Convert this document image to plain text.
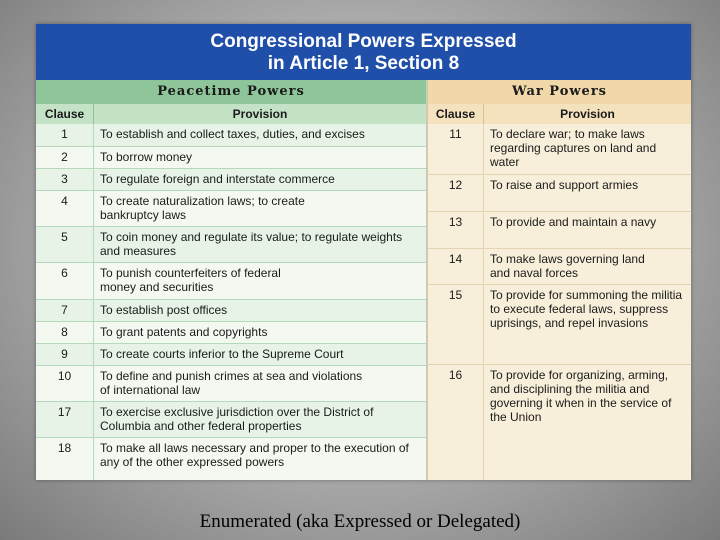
Congressional Powers Expressed
in Article 1, Section 8
Peacetime Powers	War Powers
Clause	Provision	Clause	Provision
1	To establish and collect taxes, duties, and excises
2	To borrow money
3	To regulate foreign and interstate commerce
4	To create naturalization laws; to create bankruptcy laws
5	To coin money and regulate its value; to regulate weights and measures
6	To punish counterfeiters of federal money and securities
7	To establish post offices
8	To grant patents and copyrights
9	To create courts inferior to the Supreme Court
10	To define and punish crimes at sea and violations of international law
17	To exercise exclusive jurisdiction over the District of Columbia and other federal properties
18	To make all laws necessary and proper to the execution of any of the other expressed powers
11	To declare war; to make laws regarding captures on land and water
12	To raise and support armies
13	To provide and maintain a navy
14	To make laws governing land and naval forces
15	To provide for summoning the militia to execute federal laws, suppress uprisings, and repel invasions
16	To provide for organizing, arming, and disciplining the militia and governing it when in the service of the Union
Enumerated (aka Expressed or Delegated)
